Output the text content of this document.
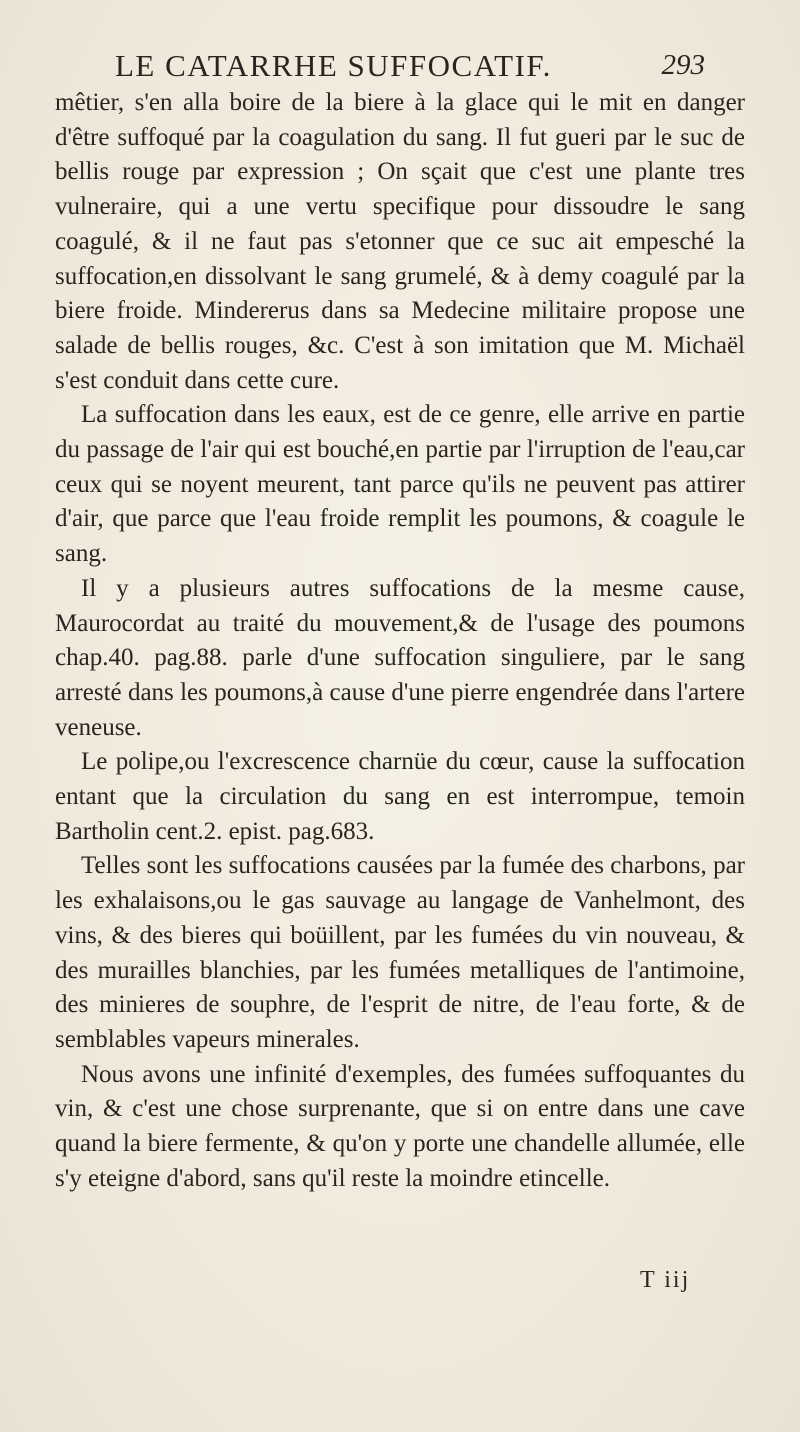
LE CATARRHE SUFFOCATIF.	293

mêtier, s'en alla boire de la biere à la glace qui le mit en danger d'être suffoqué par la coagulation du sang. Il fut gueri par le suc de bellis rouge par expression ; On sçait que c'est une plante tres vulneraire, qui a une vertu specifique pour dissoudre le sang coagulé, & il ne faut pas s'etonner que ce suc ait empesché la suffocation,en dissolvant le sang grumelé, & à demy coagulé par la biere froide. Mindererus dans sa Medecine militaire propose une salade de bellis rouges, &c. C'est à son imitation que M. Michaël s'est conduit dans cette cure.

La suffocation dans les eaux, est de ce genre, elle arrive en partie du passage de l'air qui est bouché,en partie par l'irruption de l'eau,car ceux qui se noyent meurent, tant parce qu'ils ne peuvent pas attirer d'air, que parce que l'eau froide remplit les poumons, & coagule le sang.

Il y a plusieurs autres suffocations de la mesme cause, Maurocordat au traité du mouvement,& de l'usage des poumons chap.40. pag.88. parle d'une suffocation singuliere, par le sang arresté dans les poumons,à cause d'une pierre engendrée dans l'artere veneuse.

Le polipe,ou l'excrescence charnüe du cœur, cause la suffocation entant que la circulation du sang en est interrompue, temoin Bartholin cent.2. epist. pag.683.

Telles sont les suffocations causées par la fumée des charbons, par les exhalaisons,ou le gas sauvage au langage de Vanhelmont, des vins, & des bieres qui boüillent, par les fumées du vin nouveau, & des murailles blanchies, par les fumées metalliques de l'antimoine, des minieres de souphre, de l'esprit de nitre, de l'eau forte, & de semblables vapeurs minerales.

Nous avons une infinité d'exemples, des fumées suffoquantes du vin, & c'est une chose surprenante, que si on entre dans une cave quand la biere fermente, & qu'on y porte une chandelle allumée, elle s'y eteigne d'abord, sans qu'il reste la moindre etincelle.

T iij
